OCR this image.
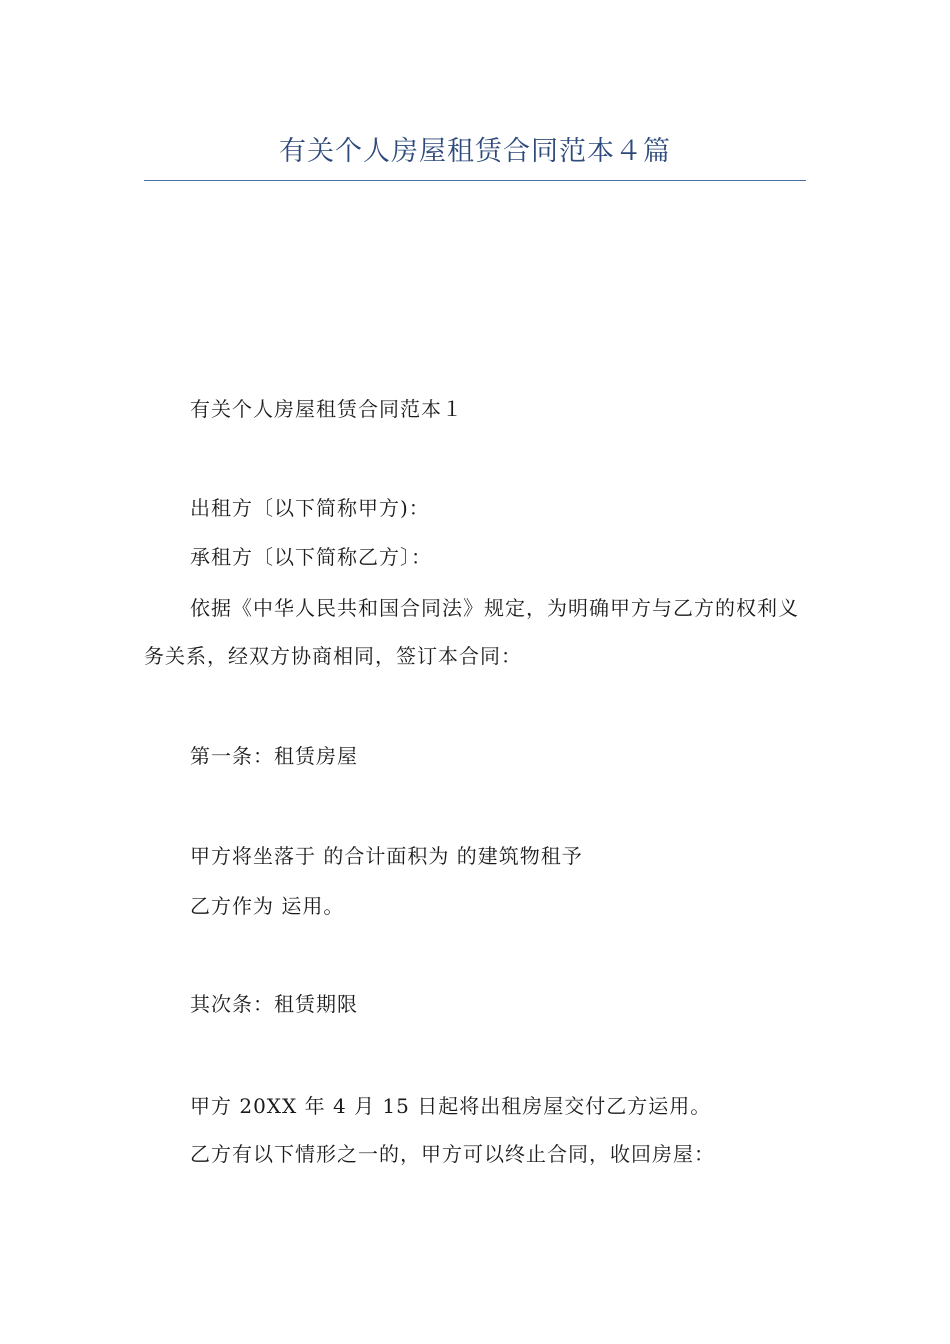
有关个人房屋租赁合同范本４篇
有关个人房屋租赁合同范本１
出租方〔以下简称甲方)：
承租方〔以下简称乙方〕：
依据《中华人民共和国合同法》规定，为明确甲方与乙方的权利义务关系，经双方协商相同，签订本合同：
第一条：租赁房屋
甲方将坐落于 的合计面积为 的建筑物租予
乙方作为 运用。
其次条：租赁期限
甲方 20XX 年 4 月 15 日起将出租房屋交付乙方运用。
乙方有以下情形之一的，甲方可以终止合同，收回房屋：
